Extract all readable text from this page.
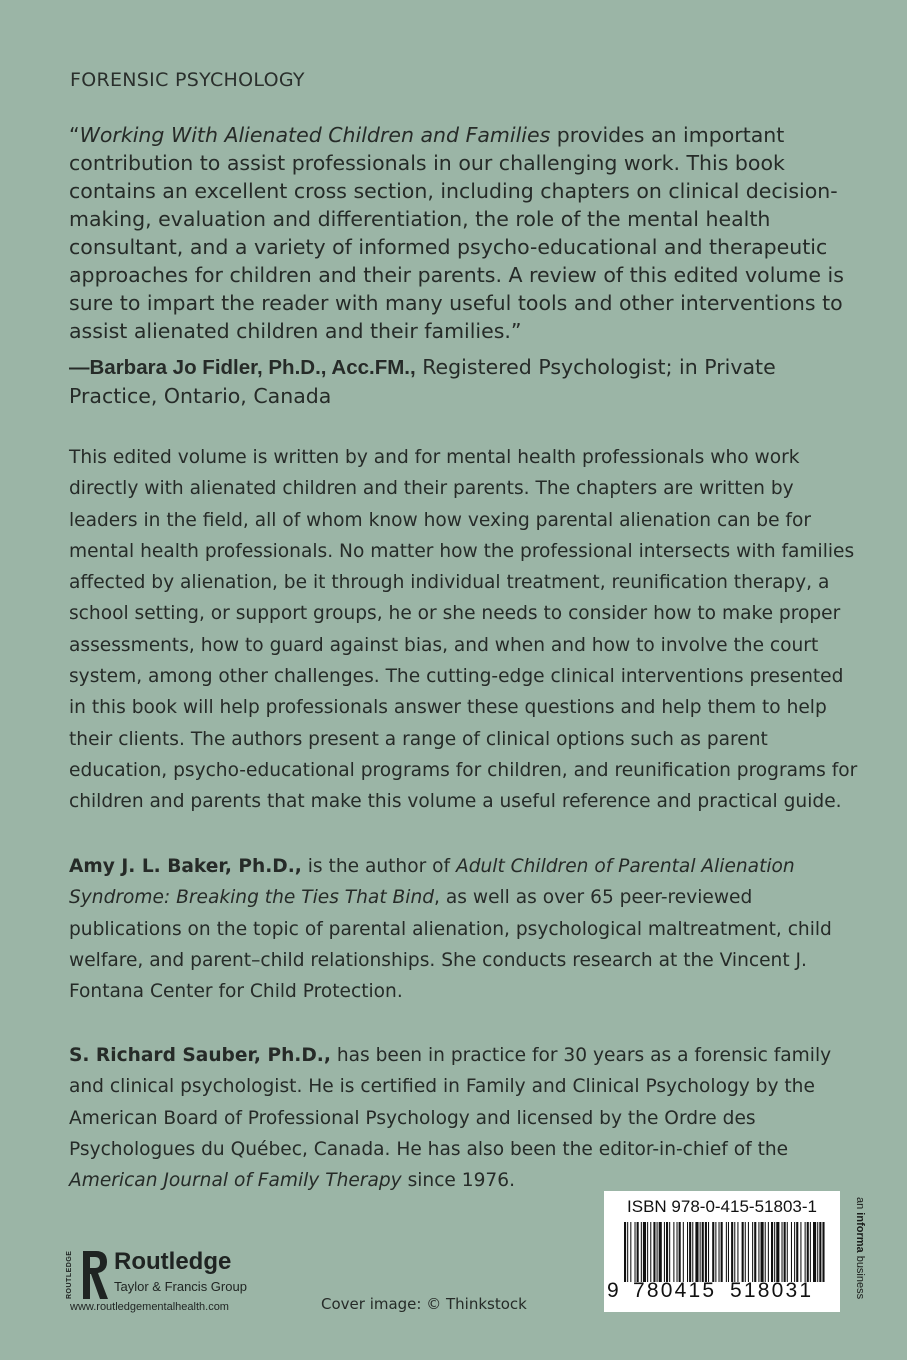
FORENSIC PSYCHOLOGY

“Working With Alienated Children and Families provides an important contribution to assist professionals in our challenging work. This book contains an excellent cross section, including chapters on clinical decision-making, evaluation and differentiation, the role of the mental health consultant, and a variety of informed psycho-educational and therapeutic approaches for children and their parents. A review of this edited volume is sure to impart the reader with many useful tools and other interventions to assist alienated children and their families.”

—Barbara Jo Fidler, Ph.D., Acc.FM., Registered Psychologist; in Private Practice, Ontario, Canada
This edited volume is written by and for mental health professionals who work directly with alienated children and their parents. The chapters are written by leaders in the field, all of whom know how vexing parental alienation can be for mental health professionals. No matter how the professional intersects with families affected by alienation, be it through individual treatment, reunification therapy, a school setting, or support groups, he or she needs to consider how to make proper assessments, how to guard against bias, and when and how to involve the court system, among other challenges. The cutting-edge clinical interventions presented in this book will help professionals answer these questions and help them to help their clients. The authors present a range of clinical options such as parent education, psycho-educational programs for children, and reunification programs for children and parents that make this volume a useful reference and practical guide.
Amy J. L. Baker, Ph.D., is the author of Adult Children of Parental Alienation Syndrome: Breaking the Ties That Bind, as well as over 65 peer-reviewed publications on the topic of parental alienation, psychological maltreatment, child welfare, and parent–child relationships. She conducts research at the Vincent J. Fontana Center for Child Protection.
S. Richard Sauber, Ph.D., has been in practice for 30 years as a forensic family and clinical psychologist. He is certified in Family and Clinical Psychology by the American Board of Professional Psychology and licensed by the Ordre des Psychologues du Québec, Canada. He has also been the editor-in-chief of the American Journal of Family Therapy since 1976.
ROUTLEDGE Routledge
Taylor & Francis Group
www.routledgementalhealth.com	Cover image: © Thinkstock
ISBN 978-0-415-51803-1
9 780415 518031
an informa business
